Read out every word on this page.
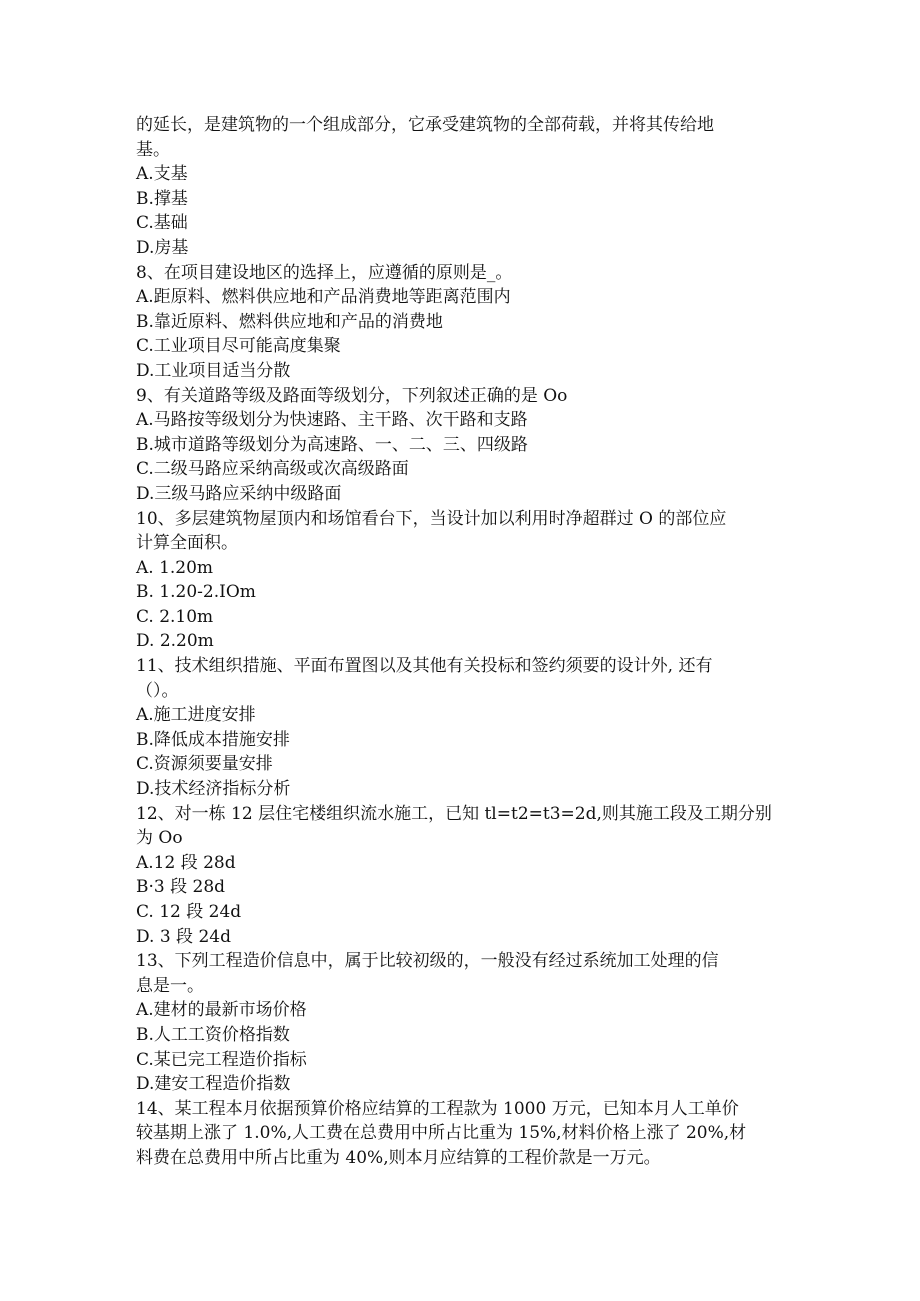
的延长，是建筑物的一个组成部分，它承受建筑物的全部荷载，并将其传给地
基。
A.支基
B.撑基
C.基础
D.房基
8、在项目建设地区的选择上，应遵循的原则是_。
A.距原料、燃料供应地和产品消费地等距离范围内
B.靠近原料、燃料供应地和产品的消费地
C.工业项目尽可能高度集聚
D.工业项目适当分散
9、有关道路等级及路面等级划分，下列叙述正确的是 Oo
A.马路按等级划分为快速路、主干路、次干路和支路
B.城市道路等级划分为高速路、一、二、三、四级路
C.二级马路应采纳高级或次高级路面
D.三级马路应采纳中级路面
10、多层建筑物屋顶内和场馆看台下，当设计加以利用时净超群过 O 的部位应
计算全面积。
A. 1.20m
B. 1.20-2.IOm
C. 2.10m
D. 2.20m
11、技术组织措施、平面布置图以及其他有关投标和签约须要的设计外, 还有
（）。
A.施工进度安排
B.降低成本措施安排
C.资源须要量安排
D.技术经济指标分析
12、对一栋 12 层住宅楼组织流水施工，已知 tl=t2=t3=2d,则其施工段及工期分别
为 Oo
A.12 段 28d
B·3 段 28d
C. 12 段 24d
D. 3 段 24d
13、下列工程造价信息中，属于比较初级的，一般没有经过系统加工处理的信
息是一。
A.建材的最新市场价格
B.人工工资价格指数
C.某已完工程造价指标
D.建安工程造价指数
14、某工程本月依据预算价格应结算的工程款为 1000 万元，已知本月人工单价
较基期上涨了 1.0%,人工费在总费用中所占比重为 15%,材料价格上涨了 20%,材
料费在总费用中所占比重为 40%,则本月应结算的工程价款是一万元。
